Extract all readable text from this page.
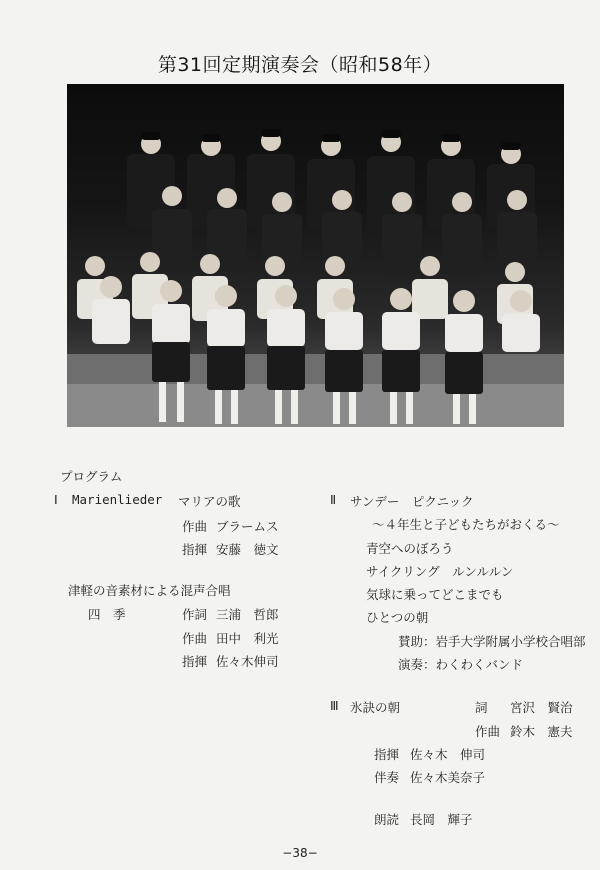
第31回定期演奏会（昭和58年）
プログラム
I Marienlieder マリアの歌
作曲 ブラームス
指揮 安藤　徳文
津軽の音素材による混声合唱
四　季	作詞 三浦　哲郎
作曲 田中　利光
指揮 佐々木伸司
Ⅱ サンデー　ピクニック
～４年生と子どもたちがおくる～
青空へのぼろう
サイクリング　ルンルルン
気球に乗ってどこまでも
ひとつの朝
賛助：岩手大学附属小学校合唱部
演奏：わくわくバンド
Ⅲ 氷訣の朝	詞 宮沢　賢治
作曲 鈴木　憲夫
指揮 佐々木　伸司
伴奏 佐々木美奈子
朗読 長岡　輝子
−38−
